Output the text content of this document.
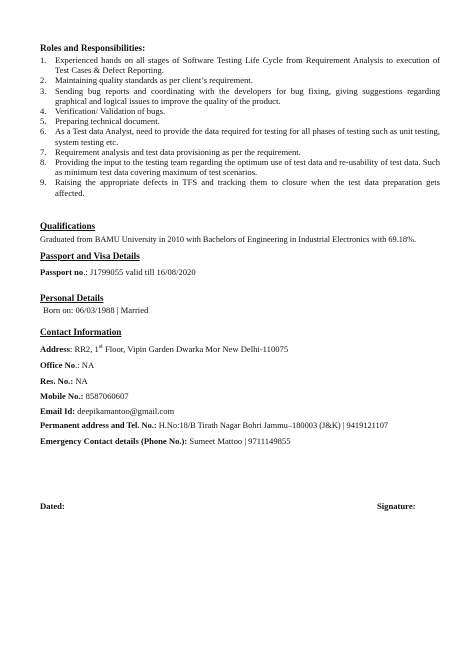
Roles and Responsibilities:
1. Experienced hands on all stages of Software Testing Life Cycle from Requirement Analysis to execution of Test Cases & Defect Reporting.
2. Maintaining quality standards as per client’s requirement.
3. Sending bug reports and coordinating with the developers for bug fixing, giving suggestions regarding graphical and logical issues to improve the quality of the product.
4. Verification/ Validation of bugs.
5. Preparing technical document.
6. As a Test data Analyst, need to provide the data required for testing for all phases of testing such as unit testing, system testing etc.
7. Requirement analysis and test data provisioning as per the requirement.
8. Providing the input to the testing team regarding the optimum use of test data and re-usability of test data. Such as minimum test data covering maximum of test scenarios.
9. Raising the appropriate defects in TFS and tracking them to closure when the test data preparation gets affected.
Qualifications
Graduated from BAMU University in 2010 with Bachelors of Engineering in Industrial Electronics with 69.18%.
Passport and Visa Details
Passport no.: J1799055 valid till 16/08/2020
Personal Details
Born on: 06/03/1988 | Married
Contact Information
Address: RR2, 1st Floor, Vipin Garden Dwarka Mor New Delhi-110075
Office No.: NA
Res. No.: NA
Mobile No.: 8587060607
Email Id: deepikamantoo@gmail.com
Permanent address and Tel. No.: H.No:18/B Tirath Nagar Bohri Jammu–180003 (J&K) | 9419121107
Emergency Contact details (Phone No.): Sumeet Mattoo | 9711149855
Dated:	Signature:
